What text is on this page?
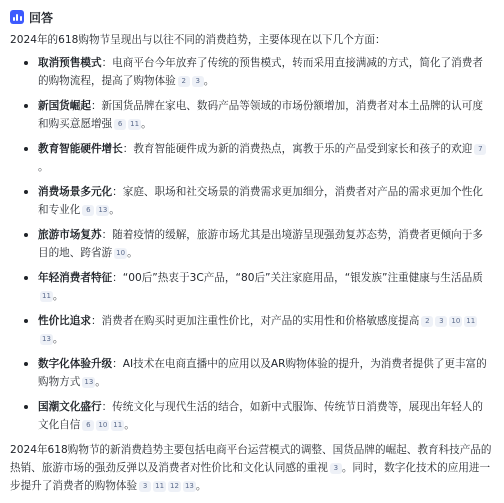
回答

2024年的618购物节呈现出与以往不同的消费趋势，主要体现在以下几个方面：

取消预售模式：电商平台今年放弃了传统的预售模式，转而采用直接满减的方式，简化了消费者的购物流程，提高了购物体验 2 3 。
新国货崛起：新国货品牌在家电、数码产品等领域的市场份额增加，消费者对本土品牌的认可度和购买意愿增强 6 11 。
教育智能硬件增长：教育智能硬件成为新的消费热点，寓教于乐的产品受到家长和孩子的欢迎 7。
消费场景多元化：家庭、职场和社交场景的消费需求更加细分，消费者对产品的需求更加个性化和专业化 6 13 。
旅游市场复苏：随着疫情的缓解，旅游市场尤其是出境游呈现强劲复苏态势，消费者更倾向于多目的地、跨省游 10 。
年轻消费者特征：“00后”热衷于3C产品，“80后”关注家庭用品，“银发族”注重健康与生活品质11 。
性价比追求：消费者在购买时更加注重性价比，对产品的实用性和价格敏感度提高 2 3 10 1113 。
数字化体验升级：AI技术在电商直播中的应用以及AR购物体验的提升，为消费者提供了更丰富的购物方式 13 。
国潮文化盛行：传统文化与现代生活的结合，如新中式服饰、传统节日消费等，展现出年轻人的文化自信 6 10 11 。

2024年618购物节的新消费趋势主要包括电商平台运营模式的调整、国货品牌的崛起、教育科技产品的热销、旅游市场的强劲反弹以及消费者对性价比和文化认同感的重视 3 。同时，数字化技术的应用进一步提升了消费者的购物体验 3 11 12 13 。
